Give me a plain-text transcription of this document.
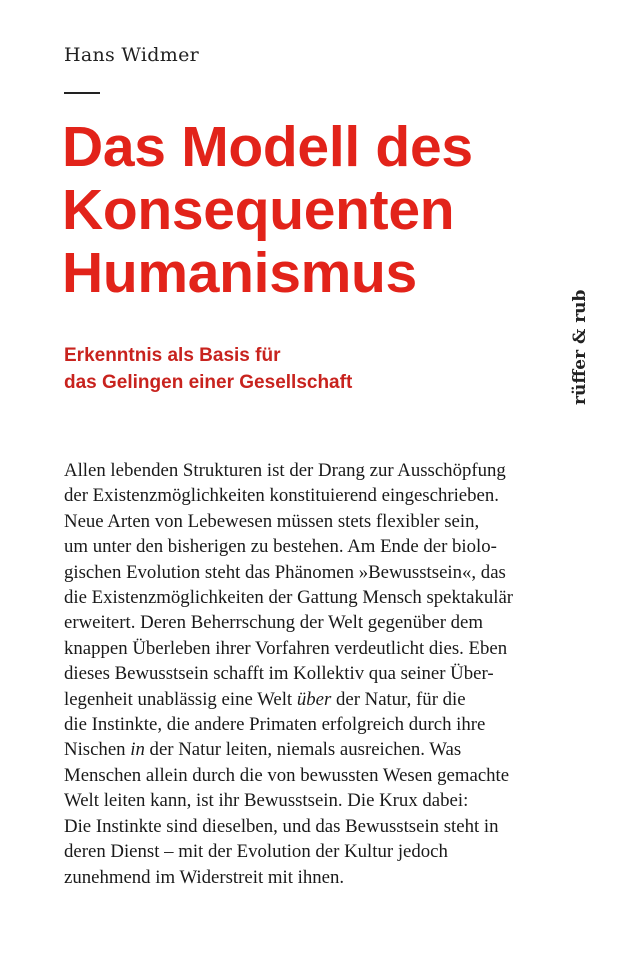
Hans Widmer
Das Modell des
Konsequenten
Humanismus
Erkenntnis als Basis für
das Gelingen einer Gesellschaft	rüffer & rub
Allen lebenden Strukturen ist der Drang zur Ausschöpfung
der Existenzmöglichkeiten konstituierend eingeschrieben.
Neue Arten von Lebewesen müssen stets flexibler sein,
um unter den bisherigen zu bestehen. Am Ende der biolo-
gischen Evolution steht das Phänomen »Bewusstsein«, das
die Existenzmöglichkeiten der Gattung Mensch spektakulär
erweitert. Deren Beherrschung der Welt gegenüber dem
knappen Überleben ihrer Vorfahren verdeutlicht dies. Eben
dieses Bewusstsein schafft im Kollektiv qua seiner Über-
legenheit unablässig eine Welt über der Natur, für die
die Instinkte, die andere Primaten erfolgreich durch ihre
Nischen in der Natur leiten, niemals ausreichen. Was
Menschen allein durch die von bewussten Wesen gemachte
Welt leiten kann, ist ihr Bewusstsein. Die Krux dabei:
Die Instinkte sind dieselben, und das Bewusstsein steht in
deren Dienst – mit der Evolution der Kultur jedoch
zunehmend im Widerstreit mit ihnen.
